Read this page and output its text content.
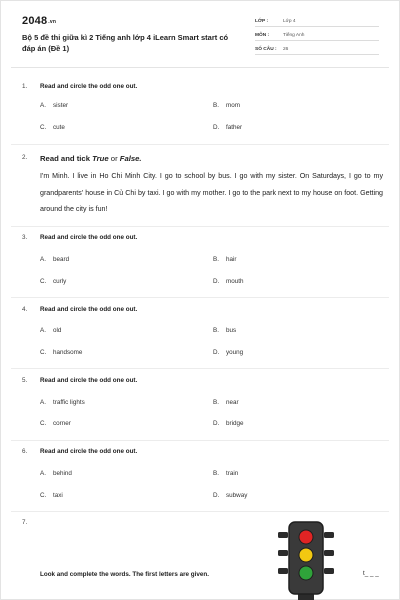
2048.vn
Bộ 5 đề thi giữa kì 2 Tiếng anh lớp 4 iLearn Smart start có đáp án (Đề 1)
LỚP :	Lớp 4
MÔN :	Tiếng Anh
SỐ CÂU :	26
1. Read and circle the odd one out.
A. sister	B. mom
C. cute	D. father
2. Read and tick True or False.
I'm Minh. I live in Ho Chi Minh City. I go to school by bus. I go with my sister. On Saturdays, I go to my grandparents' house in Củ Chi by taxi. I go with my mother. I go to the park next to my house on foot. Getting around the city is fun!
3. Read and circle the odd one out.
A. beard	B. hair
C. curly	D. mouth
4. Read and circle the odd one out.
A. old	B. bus
C. handsome	D. young
5. Read and circle the odd one out.
A. traffic lights	B. near
C. corner	D. bridge
6. Read and circle the odd one out.
A. behind	B. train
C. taxi	D. subway
7.
Look and complete the words. The first letters are given.	t_ _ _
